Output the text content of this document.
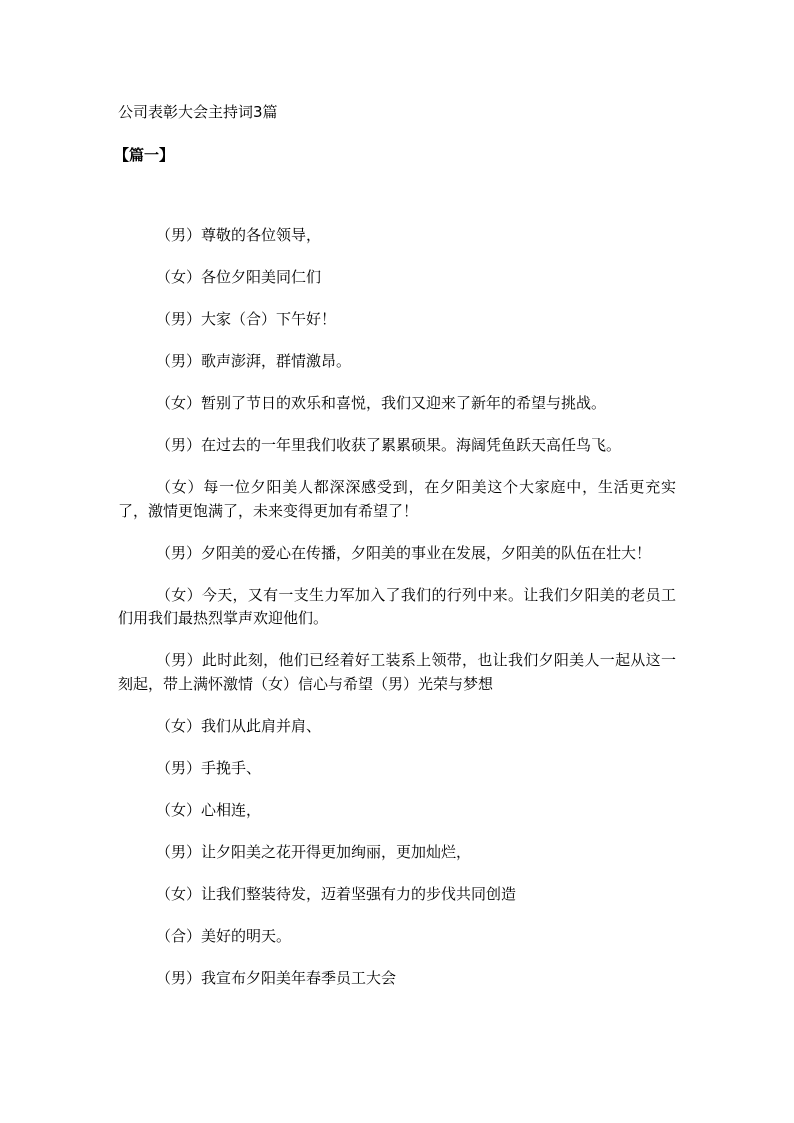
公司表彰大会主持词3篇
【篇一】

（男）尊敬的各位领导，

（女）各位夕阳美同仁们

（男）大家（合）下午好！

（男）歌声澎湃，群情激昂。

（女）暂别了节日的欢乐和喜悦，我们又迎来了新年的希望与挑战。

（男）在过去的一年里我们收获了累累硕果。海阔凭鱼跃天高任鸟飞。

（女）每一位夕阳美人都深深感受到，在夕阳美这个大家庭中，生活更充实了，激情更饱满了，未来变得更加有希望了！

（男）夕阳美的爱心在传播，夕阳美的事业在发展，夕阳美的队伍在壮大！

（女）今天，又有一支生力军加入了我们的行列中来。让我们夕阳美的老员工们用我们最热烈掌声欢迎他们。

（男）此时此刻，他们已经着好工装系上领带，也让我们夕阳美人一起从这一刻起，带上满怀激情（女）信心与希望（男）光荣与梦想

（女）我们从此肩并肩、

（男）手挽手、

（女）心相连，

（男）让夕阳美之花开得更加绚丽，更加灿烂，

（女）让我们整装待发，迈着坚强有力的步伐共同创造

（合）美好的明天。

（男）我宣布夕阳美年春季员工大会
